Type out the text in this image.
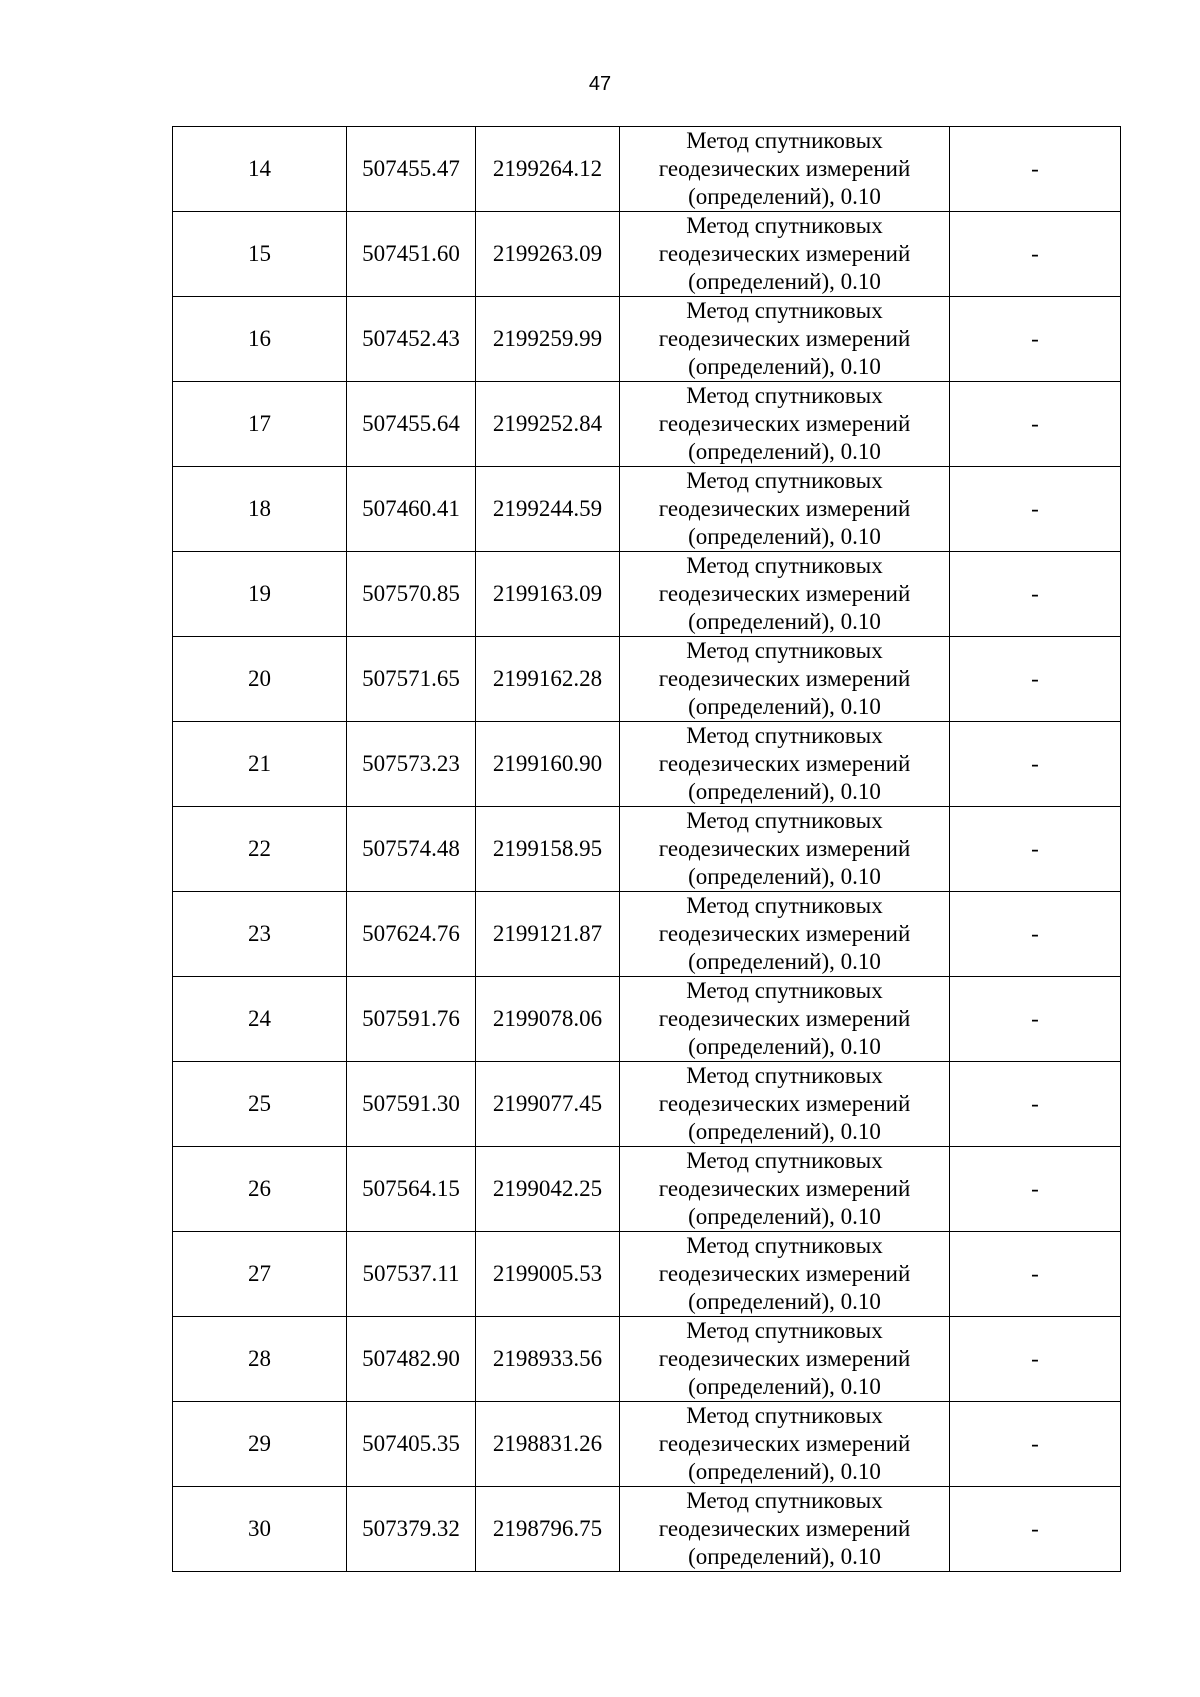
47
14	507455.47	2199264.12	Метод спутниковых
геодезических измерений
(определений), 0.10	-
15	507451.60	2199263.09	Метод спутниковых
геодезических измерений
(определений), 0.10	-
16	507452.43	2199259.99	Метод спутниковых
геодезических измерений
(определений), 0.10	-
17	507455.64	2199252.84	Метод спутниковых
геодезических измерений
(определений), 0.10	-
18	507460.41	2199244.59	Метод спутниковых
геодезических измерений
(определений), 0.10	-
19	507570.85	2199163.09	Метод спутниковых
геодезических измерений
(определений), 0.10	-
20	507571.65	2199162.28	Метод спутниковых
геодезических измерений
(определений), 0.10	-
21	507573.23	2199160.90	Метод спутниковых
геодезических измерений
(определений), 0.10	-
22	507574.48	2199158.95	Метод спутниковых
геодезических измерений
(определений), 0.10	-
23	507624.76	2199121.87	Метод спутниковых
геодезических измерений
(определений), 0.10	-
24	507591.76	2199078.06	Метод спутниковых
геодезических измерений
(определений), 0.10	-
25	507591.30	2199077.45	Метод спутниковых
геодезических измерений
(определений), 0.10	-
26	507564.15	2199042.25	Метод спутниковых
геодезических измерений
(определений), 0.10	-
27	507537.11	2199005.53	Метод спутниковых
геодезических измерений
(определений), 0.10	-
28	507482.90	2198933.56	Метод спутниковых
геодезических измерений
(определений), 0.10	-
29	507405.35	2198831.26	Метод спутниковых
геодезических измерений
(определений), 0.10	-
30	507379.32	2198796.75	Метод спутниковых
геодезических измерений
(определений), 0.10	-
